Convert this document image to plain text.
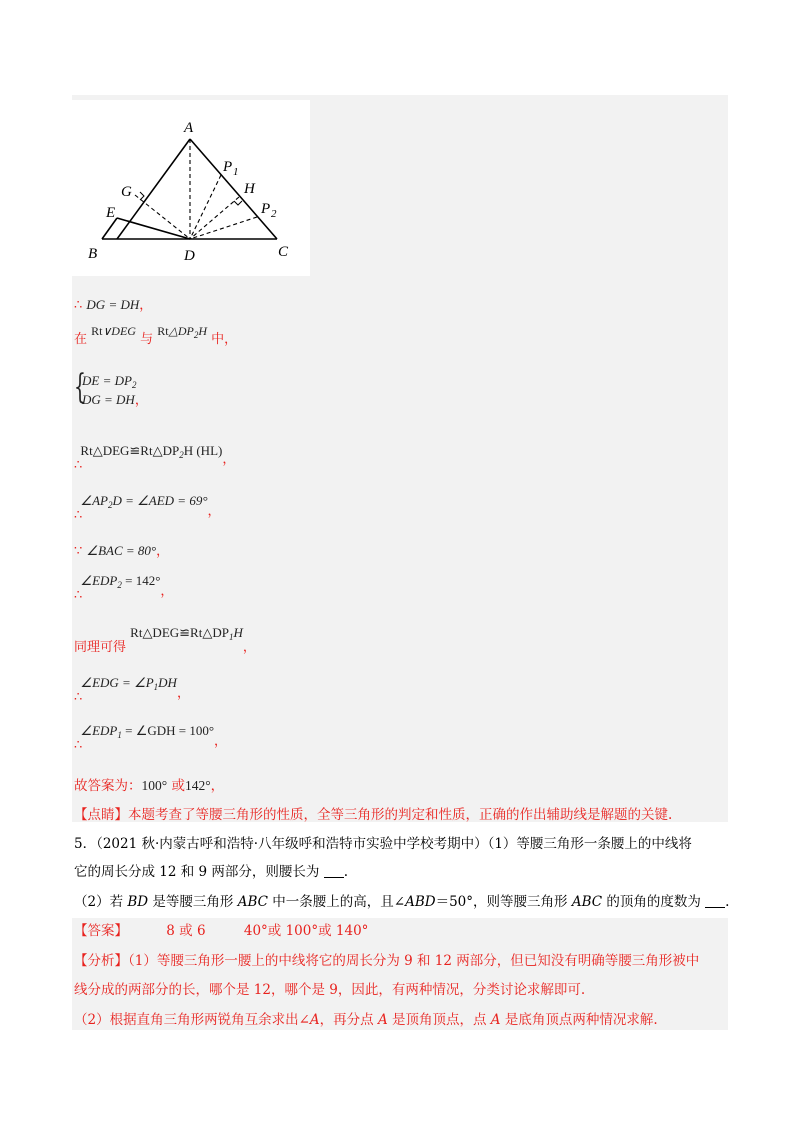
A
B	C
D
E
G	H
P 1
P 2
∴ DG = DH，
在 Rt∨DEG 与 $Rt\triangle DP_2H$ 中，
{
DE = $DP_2$
DG = DH，
∴ $Rt\triangle DEG≌Rt\triangle DP_2H$ (HL)，
∴ $\angle AP_2D$ = ∠AED = 69°，
∵ ∠BAC = 80°，
∴ $\angle EDP_2 = 142^\circ$，
同理可得 $Rt\triangle DEG≌Rt\triangle DP_1H$，
∴ ∠EDG = $\angle P_1DH$，
∴ $\angle EDP_1$ = ∠GDH = 100°，
故答案为：100° 或142°，
【点睛】本题考查了等腰三角形的性质，全等三角形的判定和性质，正确的作出辅助线是解题的关键.
5．（2021 秋·内蒙古呼和浩特·八年级呼和浩特市实验中学校考期中）（1）等腰三角形一条腰上的中线将
它的周长分成 12 和 9 两部分，则腰长为 .
（2）若 BD 是等腰三角形 ABC 中一条腰上的高，且∠ABD＝50°，则等腰三角形 ABC 的顶角的度数为 .
【答案】	8 或 6	40°或 100°或 140°
【分析】（1）等腰三角形一腰上的中线将它的周长分为 9 和 12 两部分，但已知没有明确等腰三角形被中
线分成的两部分的长，哪个是 12，哪个是 9，因此，有两种情况，分类讨论求解即可.
（2）根据直角三角形两锐角互余求出∠A，再分点 A 是顶角顶点，点 A 是底角顶点两种情况求解.
